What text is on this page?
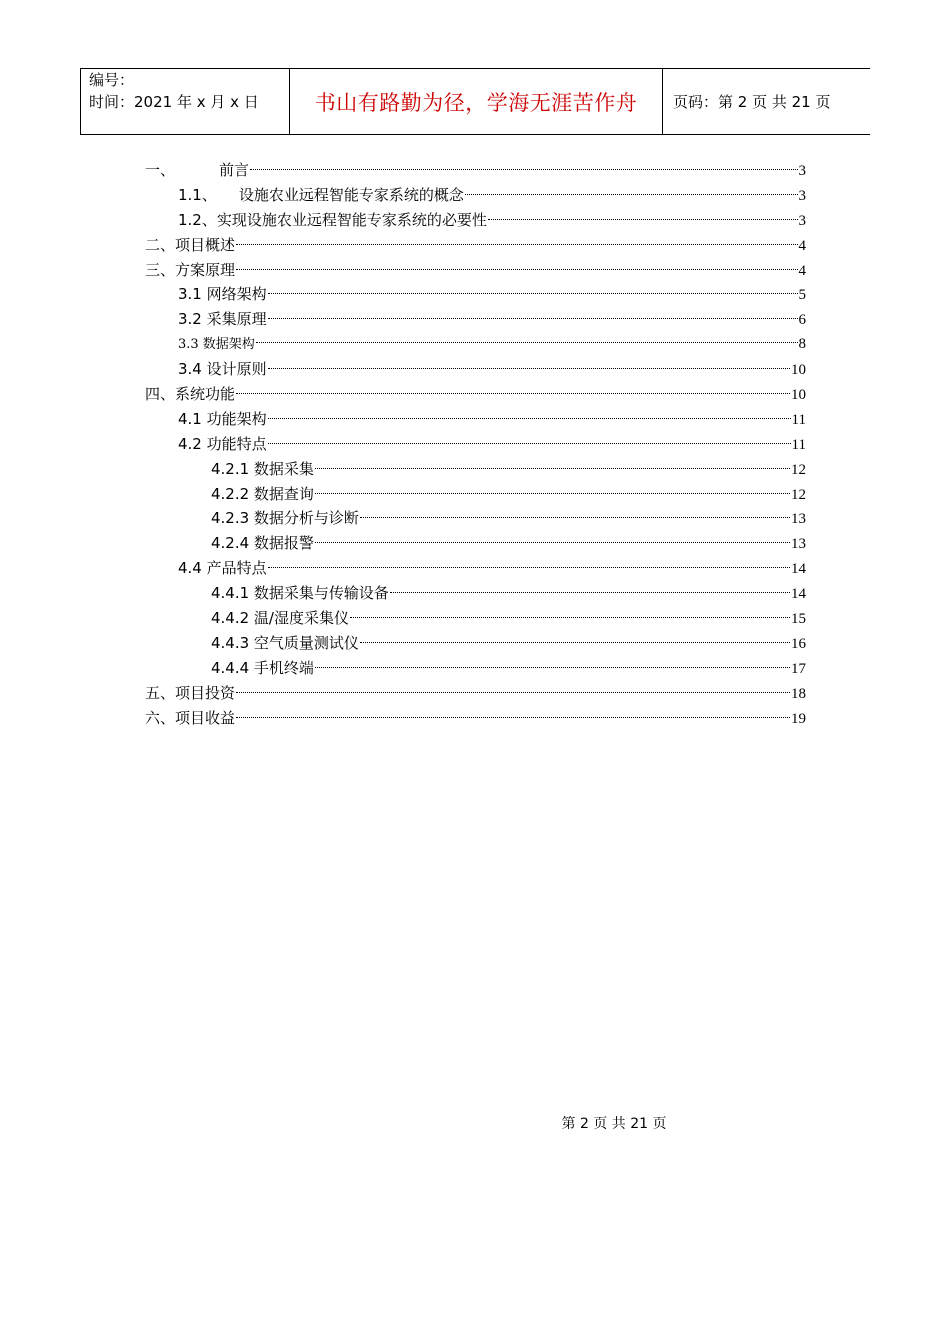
编号：
时间：2021 年 x 月 x 日	书山有路勤为径，学海无涯苦作舟	页码：第 2 页 共 21 页
一、	前言	3
1.1、 设施农业远程智能专家系统的概念	3
1.2、实现设施农业远程智能专家系统的必要性	3
二、项目概述	4
三、方案原理	4
3.1 网络架构	5
3.2 采集原理	6
3.3 数据架构	8
3.4 设计原则	10
四、系统功能	10
4.1 功能架构	11
4.2 功能特点	11
4.2.1 数据采集	12
4.2.2 数据查询	12
4.2.3 数据分析与诊断	13
4.2.4 数据报警	13
4.4 产品特点	14
4.4.1 数据采集与传输设备	14
4.4.2 温/湿度采集仪	15
4.4.3 空气质量测试仪	16
4.4.4 手机终端	17
五、项目投资	18
六、项目收益	19
第 2 页 共 21 页
